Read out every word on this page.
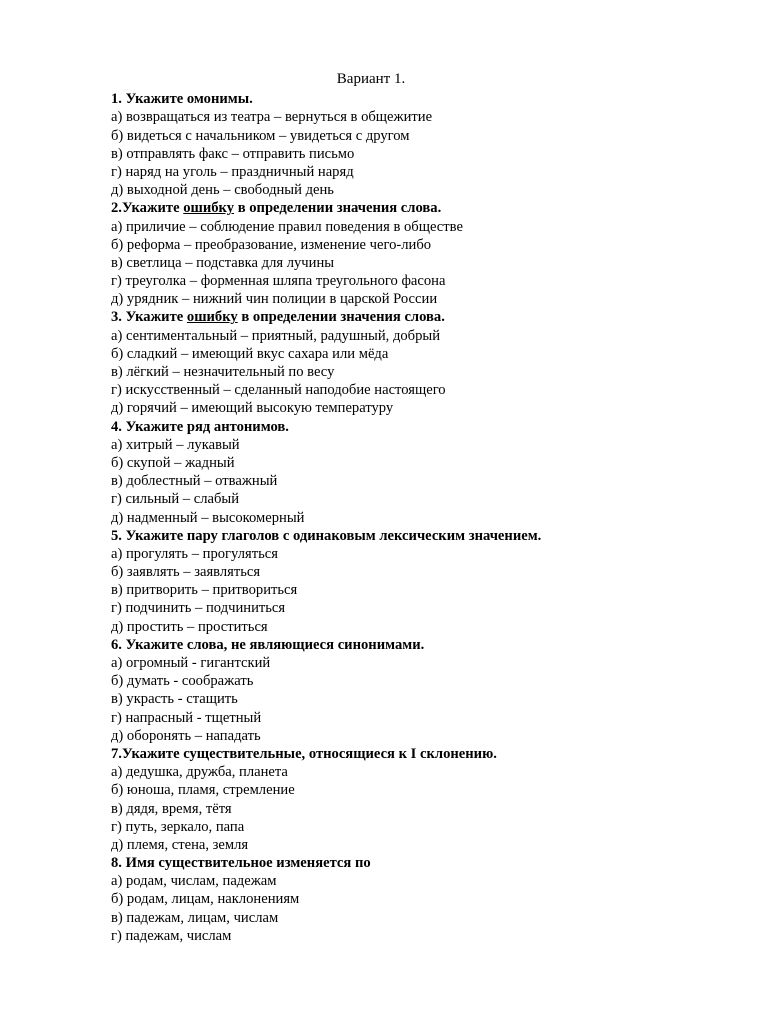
Вариант 1.
1. Укажите омонимы.
а) возвращаться из театра – вернуться в общежитие
б) видеться с начальником – увидеться с другом
в) отправлять факс – отправить письмо
г) наряд на уголь – праздничный наряд
д) выходной день – свободный день
2.Укажите ошибку в определении значения слова.
а) приличие – соблюдение правил поведения в обществе
б) реформа – преобразование, изменение чего-либо
в) светлица – подставка для лучины
г) треуголка – форменная шляпа треугольного фасона
д) урядник – нижний чин полиции в царской России
3. Укажите ошибку в определении значения слова.
а) сентиментальный – приятный, радушный, добрый
б) сладкий – имеющий вкус сахара или мёда
в) лёгкий – незначительный по весу
г) искусственный – сделанный наподобие настоящего
д) горячий – имеющий высокую температуру
4. Укажите ряд антонимов.
а) хитрый – лукавый
б) скупой – жадный
в) доблестный – отважный
г) сильный – слабый
д) надменный – высокомерный
5. Укажите пару глаголов с одинаковым лексическим значением.
а) прогулять – прогуляться
б) заявлять – заявляться
в) притворить – притвориться
г) подчинить – подчиниться
д) простить – проститься
6. Укажите слова, не являющиеся синонимами.
а) огромный - гигантский
б) думать - соображать
в) украсть - стащить
г) напрасный - тщетный
д) оборонять – нападать
7.Укажите существительные, относящиеся к I склонению.
а) дедушка, дружба, планета
б) юноша, пламя, стремление
в) дядя, время, тётя
г) путь, зеркало, папа
д) племя, стена, земля
8. Имя существительное изменяется по
а) родам, числам, падежам
б) родам, лицам, наклонениям
в) падежам, лицам, числам
г) падежам, числам
